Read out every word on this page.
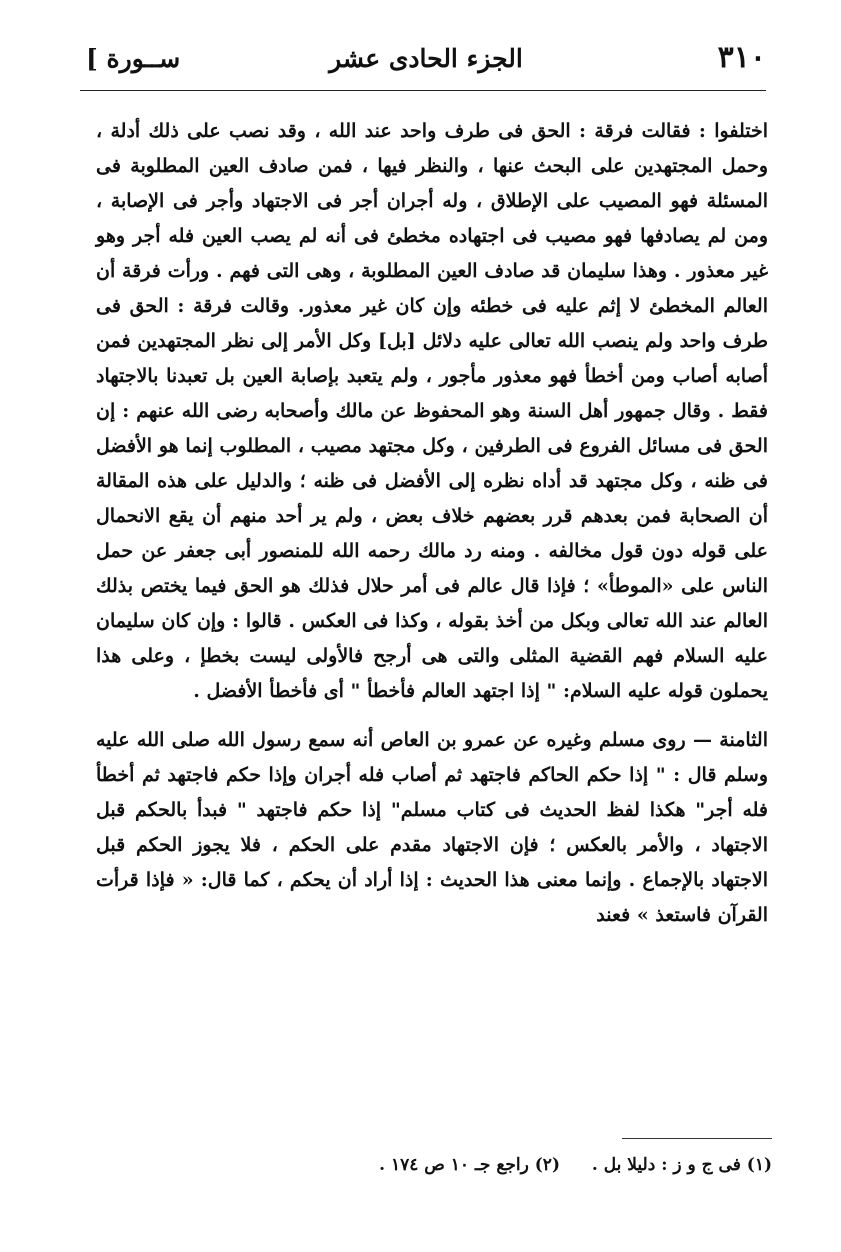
[ ســورة	الجزء الحادى عشر	٣١٠

اختلفوا : فقالت فرقة : الحق فى طرف واحد عند الله ، وقد نصب على ذلك أدلة ، وحمل المجتهدين على البحث عنها ، والنظر فيها ، فمن صادف العين المطلوبة فى المسئلة فهو المصيب على الإطلاق ، وله أجران أجر فى الاجتهاد وأجر فى الإصابة ، ومن لم يصادفها فهو مصيب فى اجتهاده مخطئ فى أنه لم يصب العين فله أجر وهو غير معذور . وهذا سليمان قد صادف العين المطلوبة ، وهى التى فهم . ورأت فرقة أن العالم المخطئ لا إثم عليه فى خطئه وإن كان غير معذور. وقالت فرقة : الحق فى طرف واحد ولم ينصب الله تعالى عليه دلائل [بل] وكل الأمر إلى نظر المجتهدين فمن أصابه أصاب ومن أخطأ فهو معذور مأجور ، ولم يتعبد بإصابة العين بل تعبدنا بالاجتهاد فقط . وقال جمهور أهل السنة وهو المحفوظ عن مالك وأصحابه رضى الله عنهم : إن الحق فى مسائل الفروع فى الطرفين ، وكل مجتهد مصيب ، المطلوب إنما هو الأفضل فى ظنه ، وكل مجتهد قد أداه نظره إلى الأفضل فى ظنه ؛ والدليل على هذه المقالة أن الصحابة فمن بعدهم قرر بعضهم خلاف بعض ، ولم ير أحد منهم أن يقع الانحمال على قوله دون قول مخالفه . ومنه رد مالك رحمه الله للمنصور أبى جعفر عن حمل الناس على «الموطأ» ؛ فإذا قال عالم فى أمر حلال فذلك هو الحق فيما يختص بذلك العالم عند الله تعالى وبكل من أخذ بقوله ، وكذا فى العكس . قالوا : وإن كان سليمان عليه السلام فهم القضية المثلى والتى هى أرجح فالأولى ليست بخطإ ، وعلى هذا يحملون قوله عليه السلام: " إذا اجتهد العالم فأخطأ " أى فأخطأ الأفضل .

الثامنة — روى مسلم وغيره عن عمرو بن العاص أنه سمع رسول الله صلى الله عليه وسلم قال : " إذا حكم الحاكم فاجتهد ثم أصاب فله أجران وإذا حكم فاجتهد ثم أخطأ فله أجر" هكذا لفظ الحديث فى كتاب مسلم" إذا حكم فاجتهد " فبدأ بالحكم قبل الاجتهاد ، والأمر بالعكس ؛ فإن الاجتهاد مقدم على الحكم ، فلا يجوز الحكم قبل الاجتهاد بالإجماع . وإنما معنى هذا الحديث : إذا أراد أن يحكم ، كما قال: « فإذا قرأت القرآن فاستعذ » فعند

(١) فى ج و ز : دليلا بل . (٢) راجع جـ ١٠ ص ١٧٤ .
